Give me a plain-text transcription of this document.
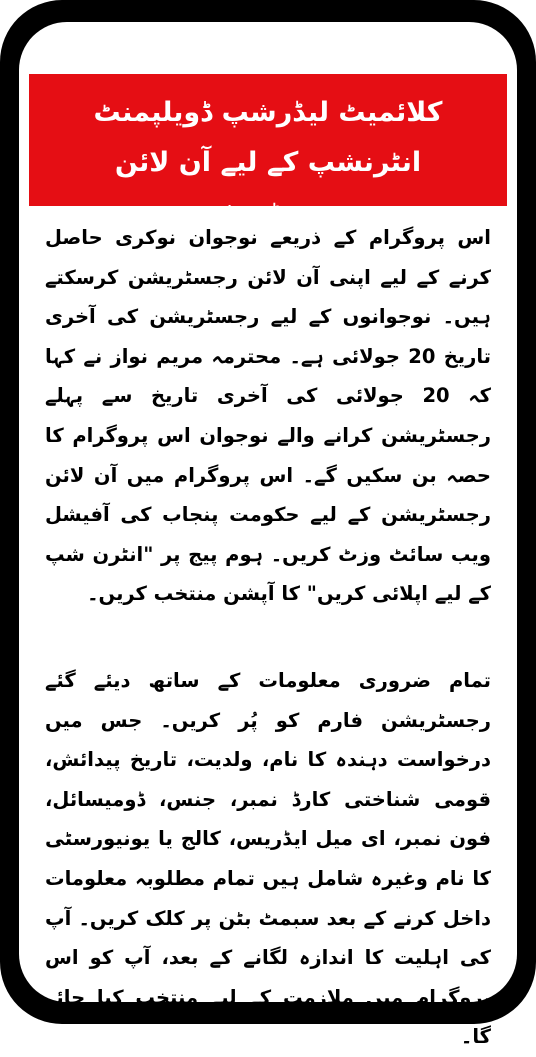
کلائمیٹ لیڈرشپ ڈویلپمنٹ انٹرنشپ کے لیے آن لائن رجسٹریشن

اس پروگرام کے ذریعے نوجوان نوکری حاصل کرنے کے لیے اپنی آن لائن رجسٹریشن کرسکتے ہیں۔ نوجوانوں کے لیے رجسٹریشن کی آخری تاریخ 20 جولائی ہے۔ محترمہ مریم نواز نے کہا کہ 20 جولائی کی آخری تاریخ سے پہلے رجسٹریشن کرانے والے نوجوان اس پروگرام کا حصہ بن سکیں گے۔ اس پروگرام میں آن لائن رجسٹریشن کے لیے حکومت پنجاب کی آفیشل ویب سائٹ وزٹ کریں۔ ہوم پیج پر "انٹرن شپ کے لیے اپلائی کریں" کا آپشن منتخب کریں۔

تمام ضروری معلومات کے ساتھ دیئے گئے رجسٹریشن فارم کو پُر کریں۔ جس میں درخواست دہندہ کا نام، ولدیت، تاریخ پیدائش، قومی شناختی کارڈ نمبر، جنس، ڈومیسائل، فون نمبر، ای میل ایڈریس، کالج یا یونیورسٹی کا نام وغیرہ شامل ہیں تمام مطلوبہ معلومات داخل کرنے کے بعد سبمٹ بٹن پر کلک کریں۔ آپ کی اہلیت کا اندازہ لگانے کے بعد، آپ کو اس پروگرام میں ملازمت کے لیے منتخب کیا جائے گا۔
